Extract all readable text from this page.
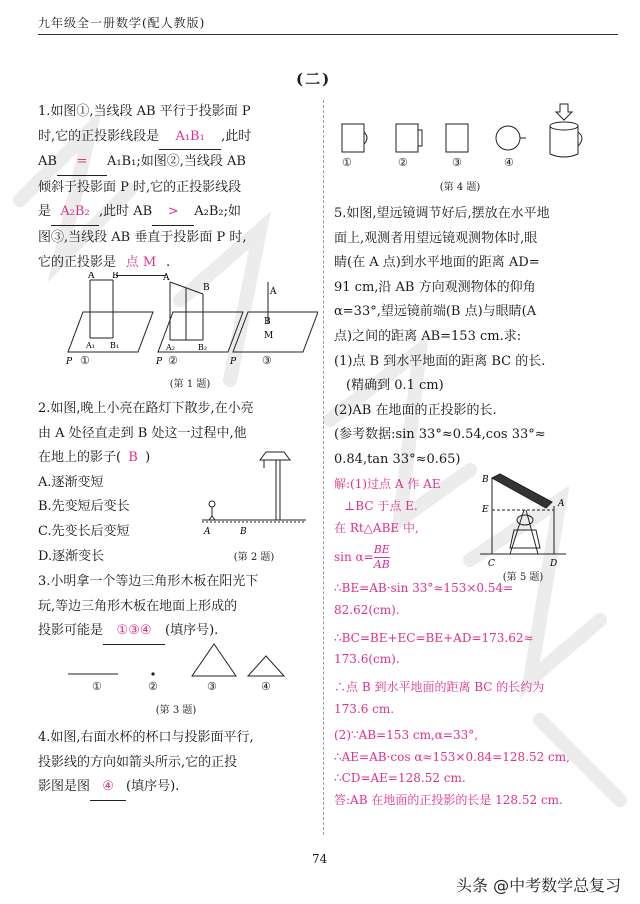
九年级全一册数学(配人教版)
(二)
1.如图①,当线段 AB 平行于投影面 P
时,它的正投影线段是 A₁B₁ ,此时
AB = A₁B₁;如图②,当线段 AB
倾斜于投影面 P 时,它的正投影线段
是 A₂B₂ ,此时 AB > A₂B₂;如
图③,当线段 AB 垂直于投影面 P 时,
它的正投影是 点 M .
A B
A₁ B₁
P
A
B
A₂	B₂
P
A
B
M
P
①	②	③
(第 1 题)
2.如图,晚上小亮在路灯下散步,在小亮
由 A 处径直走到 B 处这一过程中,他
在地上的影子( B )
A.逐渐变短
B.先变短后变长
C.先变长后变短
D.逐渐变长
A	B
(第 2 题)
3.小明拿一个等边三角形木板在阳光下
玩,等边三角形木板在地面上形成的
投影可能是 ①③④ (填序号).
①	②	③	④
(第 3 题)
4.如图,右面水杯的杯口与投影面平行,
投影线的方向如箭头所示,它的正投
影图是图 ④ (填序号).
①	②	③	④
(第 4 题)
5.如图,望远镜调节好后,摆放在水平地
面上,观测者用望远镜观测物体时,眼
睛(在 A 点)到水平地面的距离 AD=
91 cm,沿 AB 方向观测物体的仰角
α=33°,望远镜前端(B 点)与眼睛(A
点)之间的距离 AB=153 cm.求:
(1)点 B 到水平地面的距离 BC 的长.
(精确到 0.1 cm)
(2)AB 在地面的正投影的长.
(参考数据:sin 33°≈0.54,cos 33°≈
0.84,tan 33°≈0.65)
B
A
E
C	D
(第 5 题)
解:(1)过点 A 作 AE
⊥BC 于点 E.
在 Rt△ABE 中,
$\sin \alpha= \frac{BE}{AB}$
∴BE=AB·sin 33°≈153×0.54=
82.62(cm).
∴BC=BE+EC=BE+AD=173.62≈
173.6(cm).
∴点 B 到水平地面的距离 BC 的长约为
173.6 cm.
(2)∵AB=153 cm,α=33°,
∴AE=AB·cos α≈153×0.84=128.52 cm,
∴CD=AE=128.52 cm.
答:AB 在地面的正投影的长是 128.52 cm.
74
头条 @中考数学总复习
